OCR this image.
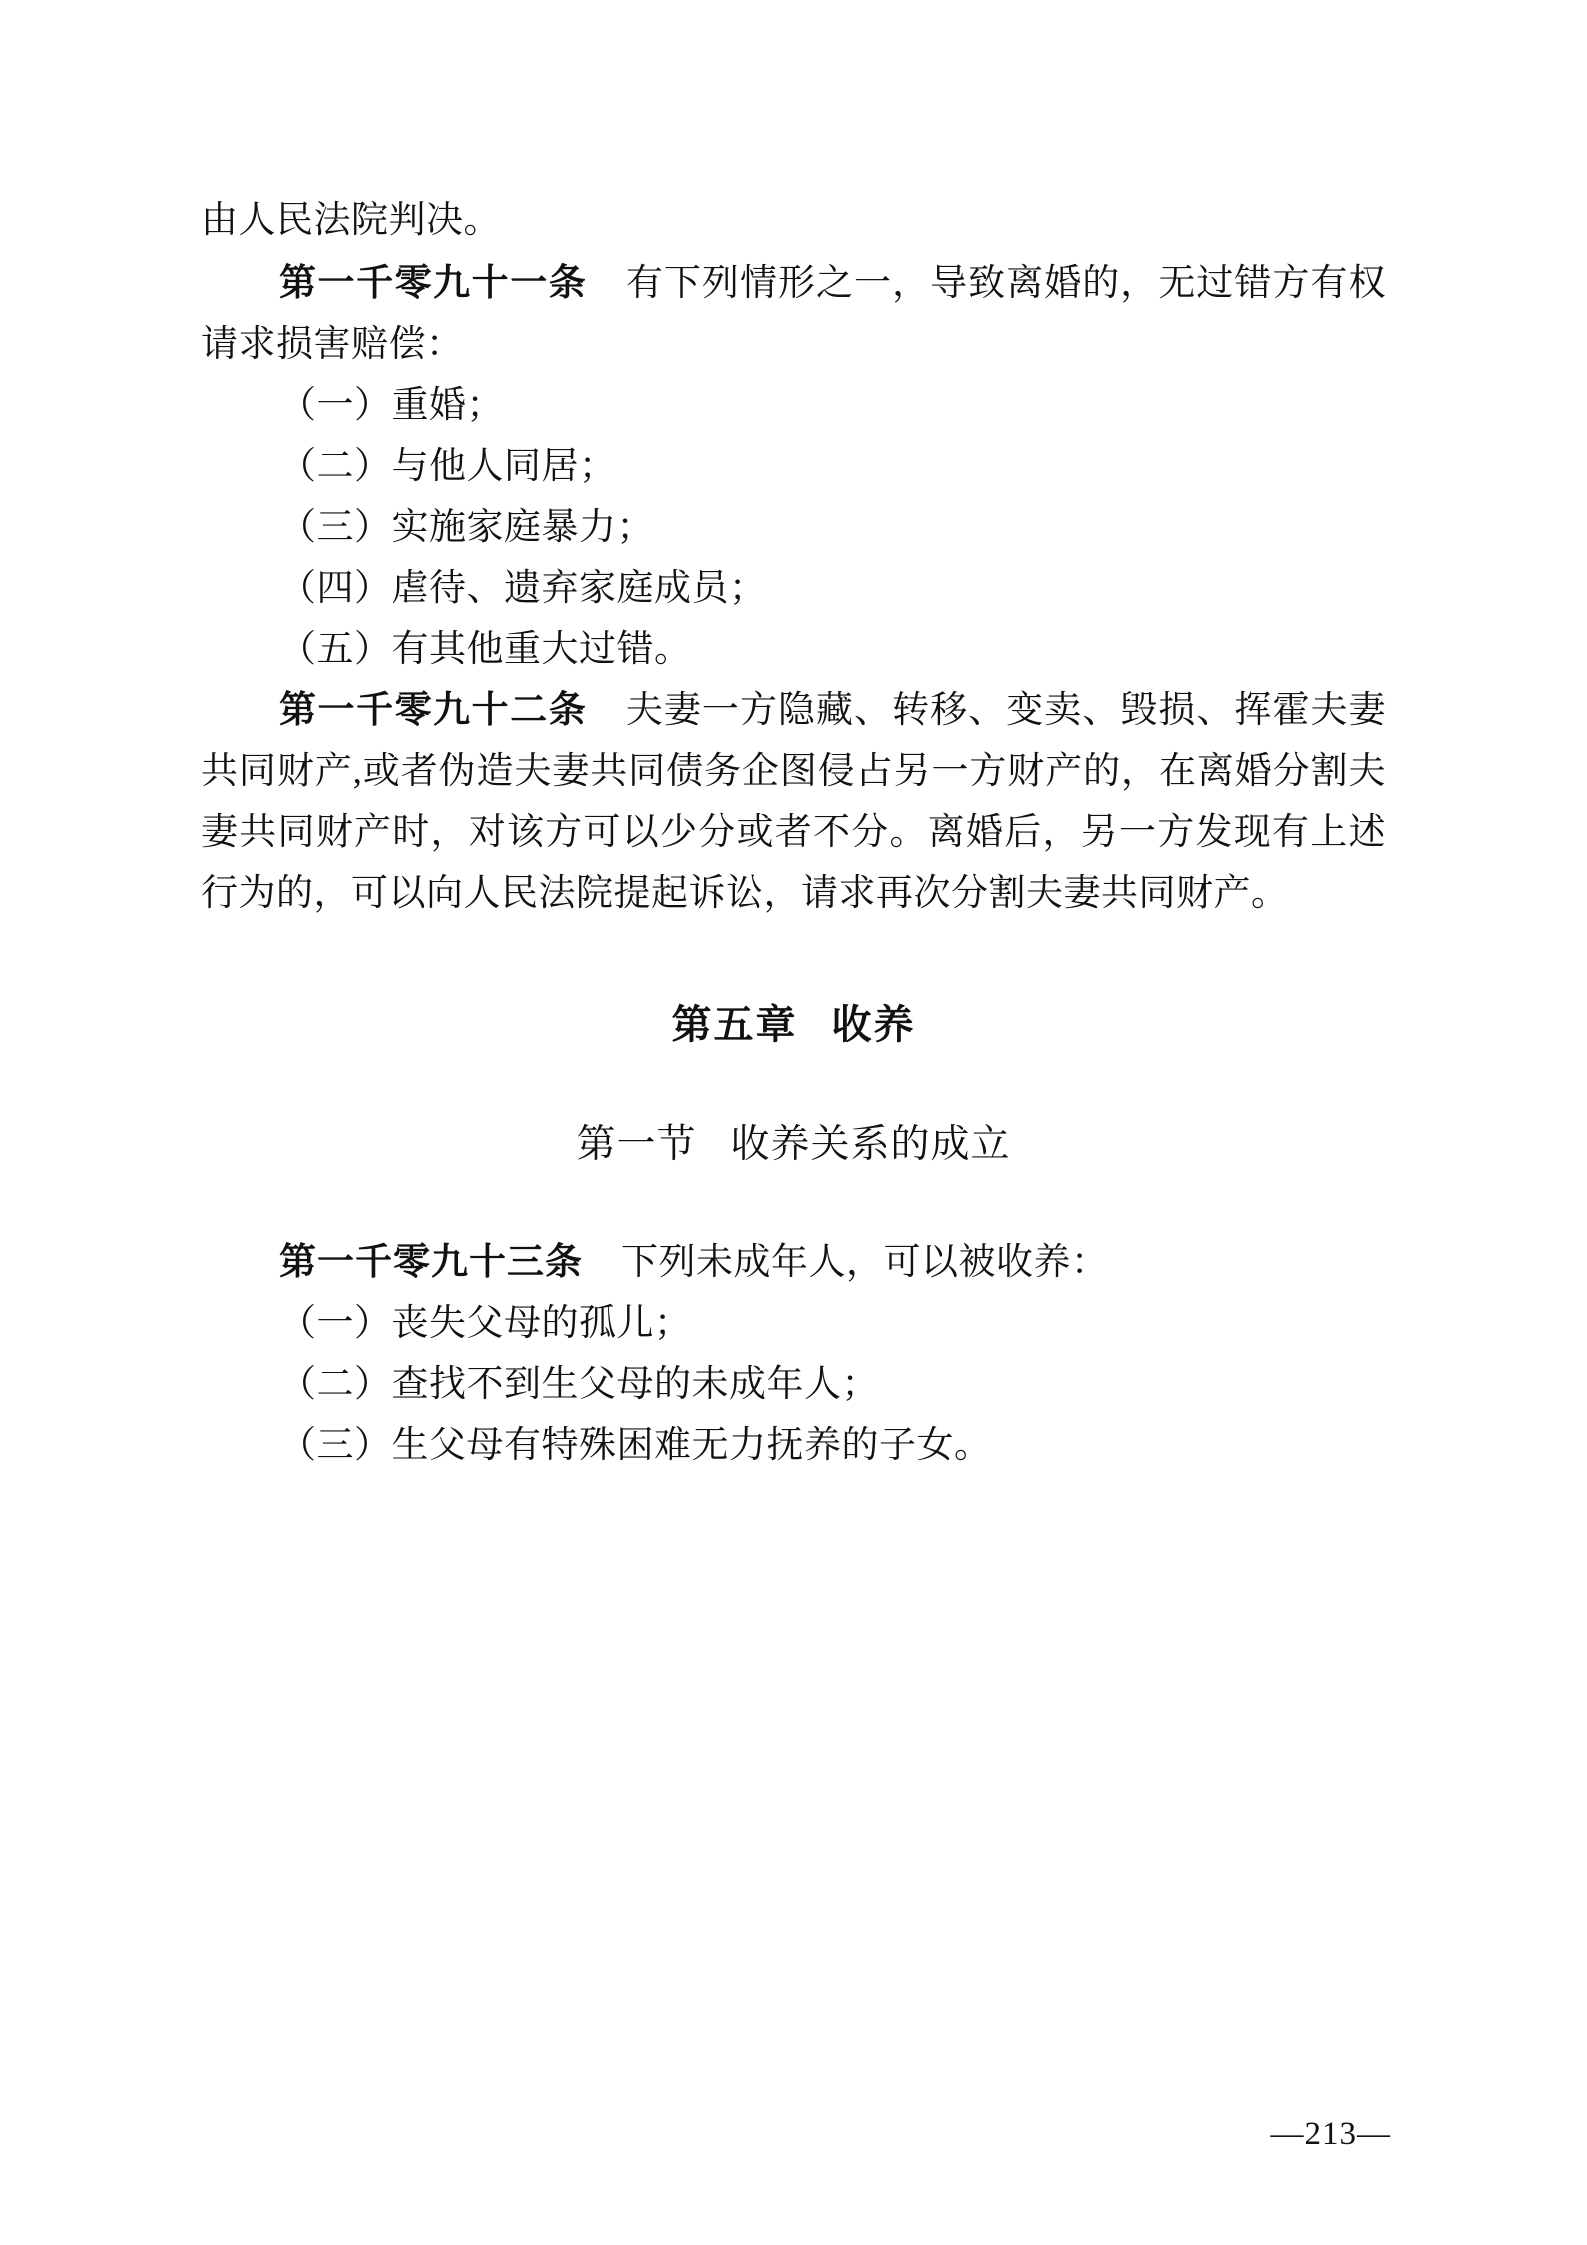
由人民法院判决。

第一千零九十一条 有下列情形之一，导致离婚的，无过错方有权请求损害赔偿：

（一）重婚；

（二）与他人同居；

（三）实施家庭暴力；

（四）虐待、遗弃家庭成员；

（五）有其他重大过错。

第一千零九十二条 夫妻一方隐藏、转移、变卖、毁损、挥霍夫妻共同财产,或者伪造夫妻共同债务企图侵占另一方财产的，在离婚分割夫妻共同财产时，对该方可以少分或者不分。离婚后，另一方发现有上述行为的，可以向人民法院提起诉讼，请求再次分割夫妻共同财产。

第五章 收养

第一节 收养关系的成立

第一千零九十三条 下列未成年人，可以被收养：

（一）丧失父母的孤儿；

（二）查找不到生父母的未成年人；

（三）生父母有特殊困难无力抚养的子女。

—213—
